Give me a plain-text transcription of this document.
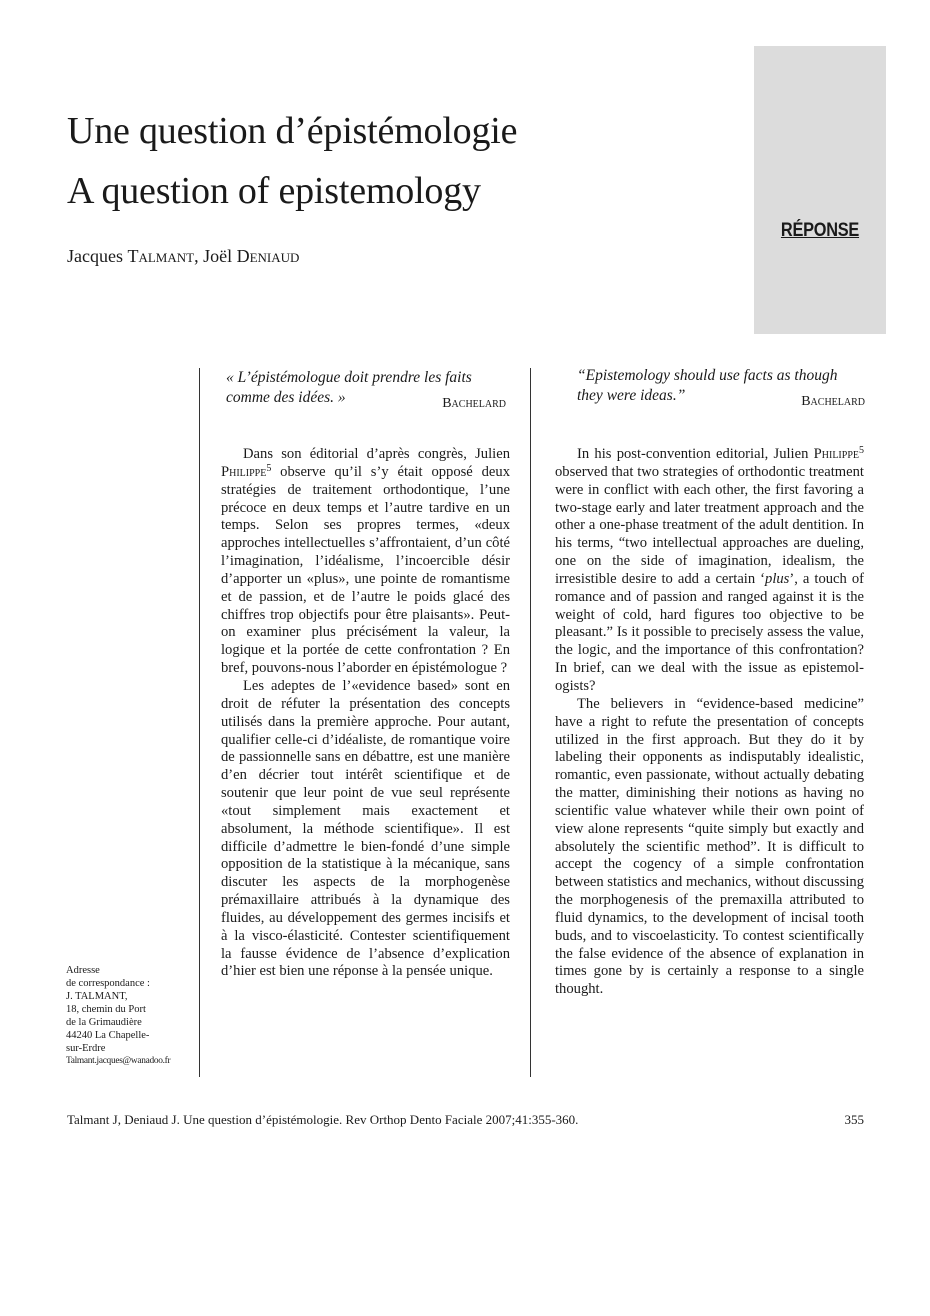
Une question d’épistémologie
A question of epistemology
Jacques Talmant, Joël Deniaud
RÉPONSE
« L’épistémologue doit prendre les faits comme des idées. »	Bachelard
“Epistemology should use facts as though they were ideas.”	Bachelard

Dans son éditorial d’après congrès, Julien Philippe$^5$ observe qu’il s’y était opposé deux stratégies de traitement orthodontique, l’une précoce en deux temps et l’autre tardive en un temps. Selon ses propres termes, «deux approches intellectuelles s’affrontaient, d’un côté l’imagination, l’idéalisme, l’incoercible désir d’apporter un «plus», une pointe de romantisme et de passion, et de l’autre le poids glacé des chiffres trop objectifs pour être plaisants». Peut-on examiner plus précisément la valeur, la logique et la portée de cette confrontation ? En bref, pouvons-nous l’aborder en épistémologue ?

Les adeptes de l’«evidence based» sont en droit de réfuter la présentation des concepts utilisés dans la première approche. Pour autant, qualifier celle-ci d’idéaliste, de romantique voire de passionnelle sans en débattre, est une manière d’en décrier tout intérêt scientifique et de soutenir que leur point de vue seul représente «tout simplement mais exactement et absolument, la méthode scientifique». Il est difficile d’admettre le bien-fondé d’une simple opposition de la statistique à la mécanique, sans discuter les aspects de la morphogenèse prémaxillaire attribués à la dynamique des fluides, au développement des germes incisifs et à la visco-élasticité. Contester scientifiquement la fausse évidence de l’absence d’explication d’hier est bien une réponse à la pensée unique.

In his post-convention editorial, Julien Philippe$^5$ observed that two strategies of orthodontic treatment were in conflict with each other, the first favoring a two-stage early and later treatment approach and the other a one-phase treatment of the adult dentition. In his terms, “two intellectual approaches are dueling, one on the side of imagination, idealism, the irresistible desire to add a certain ‘plus’, a touch of romance and of passion and ranged against it is the weight of cold, hard figures too objective to be pleasant.” Is it possible to precisely assess the value, the logic, and the importance of this confrontation? In brief, can we deal with the issue as epistemologists?

The believers in “evidence-based medicine” have a right to refute the presentation of concepts utilized in the first approach. But they do it by labeling their opponents as indisputably idealistic, romantic, even passionate, without actually debating the matter, diminishing their notions as having no scientific value whatever while their own point of view alone represents “quite simply but exactly and absolutely the scientific method”. It is difficult to accept the cogency of a simple confrontation between statistics and mechanics, without discussing the morphogenesis of the premaxilla attributed to fluid dynamics, to the development of incisal tooth buds, and to viscoelasticity. To contest scientifically the false evidence of the absence of explanation in times gone by is certainly a response to a single thought.

Adresse
de correspondance :
J. TALMANT,
18, chemin du Port
de la Grimaudière
44240 La Chapelle-
sur-Erdre
Talmant.jacques@wanadoo.fr
Talmant J, Deniaud J. Une question d’épistémologie. Rev Orthop Dento Faciale 2007;41:355-360.	355
